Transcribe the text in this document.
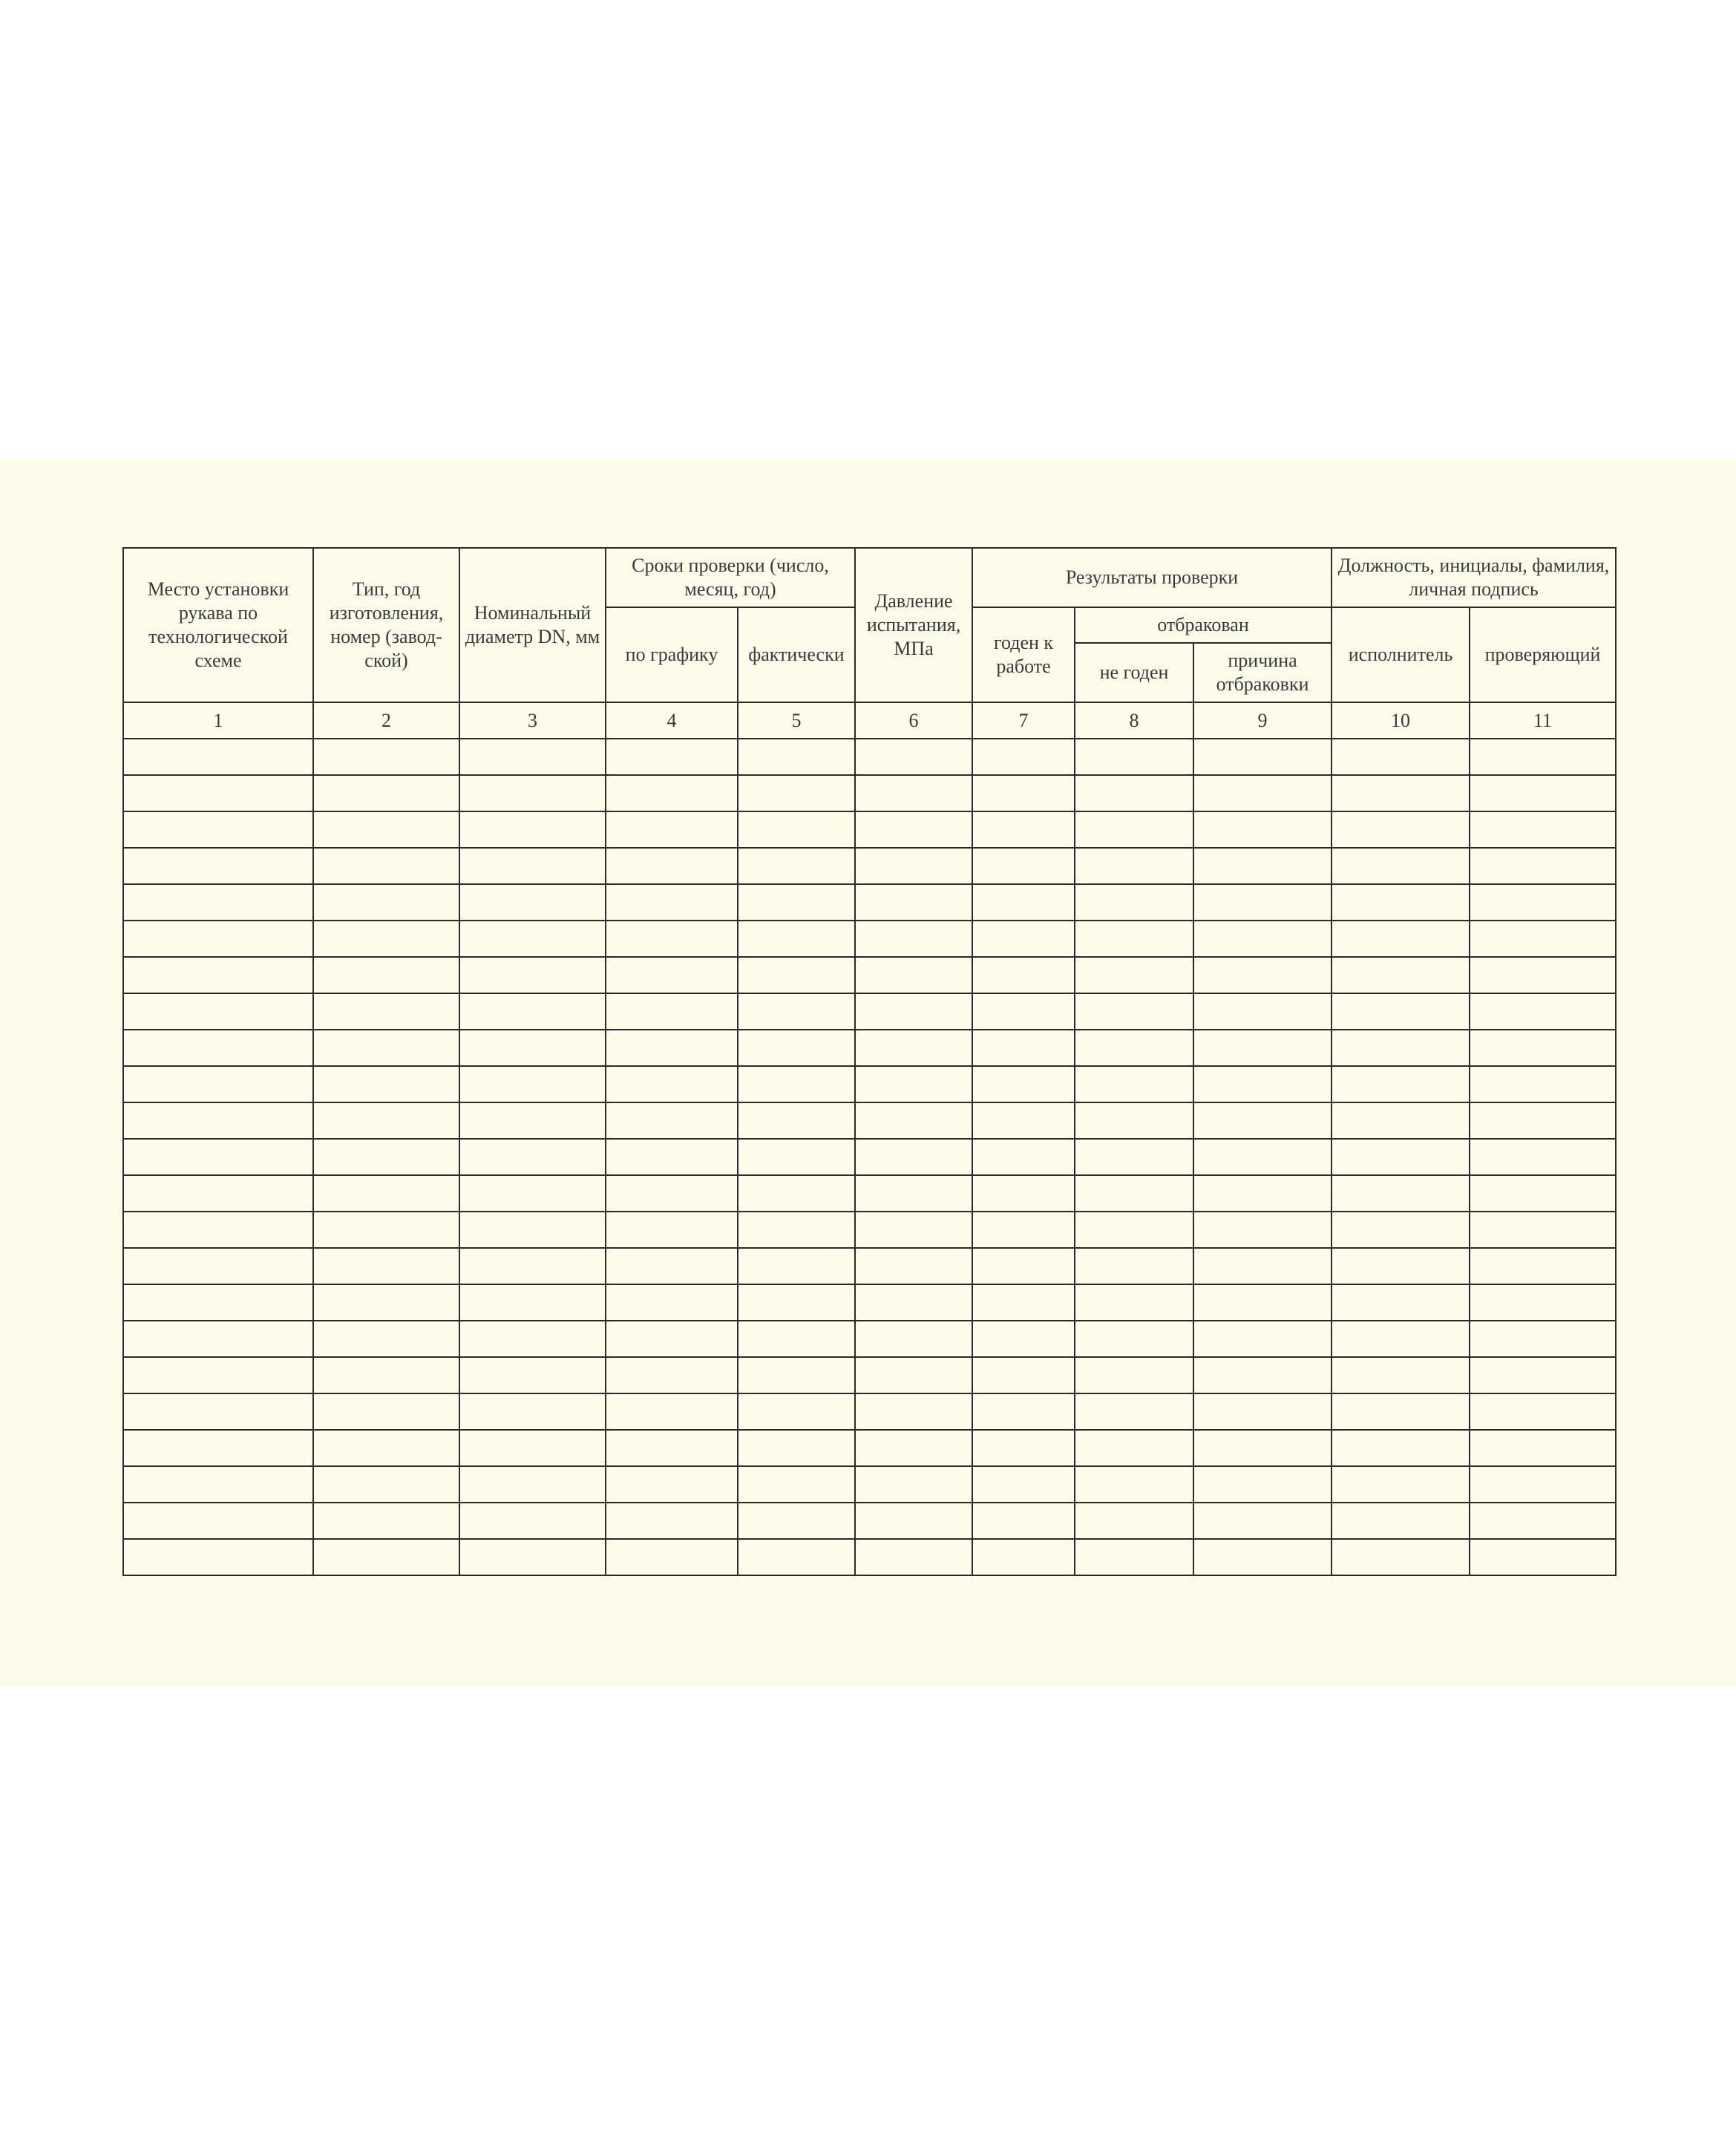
Место установки рукава по технологической схеме	Тип, год изготовления, номер (завод-ской)	Номинальный диаметр DN, мм	Сроки проверки (число, месяц, год)		Давление испытания, МПа	Результаты проверки			Должность, инициалы, фамилия, личная подпись	
			по графику	фактически		годен к работе	отбракован		исполнитель	проверяющий
							не годен	причина отбраковки		
1	2	3	4	5	6	7	8	9	10	11
